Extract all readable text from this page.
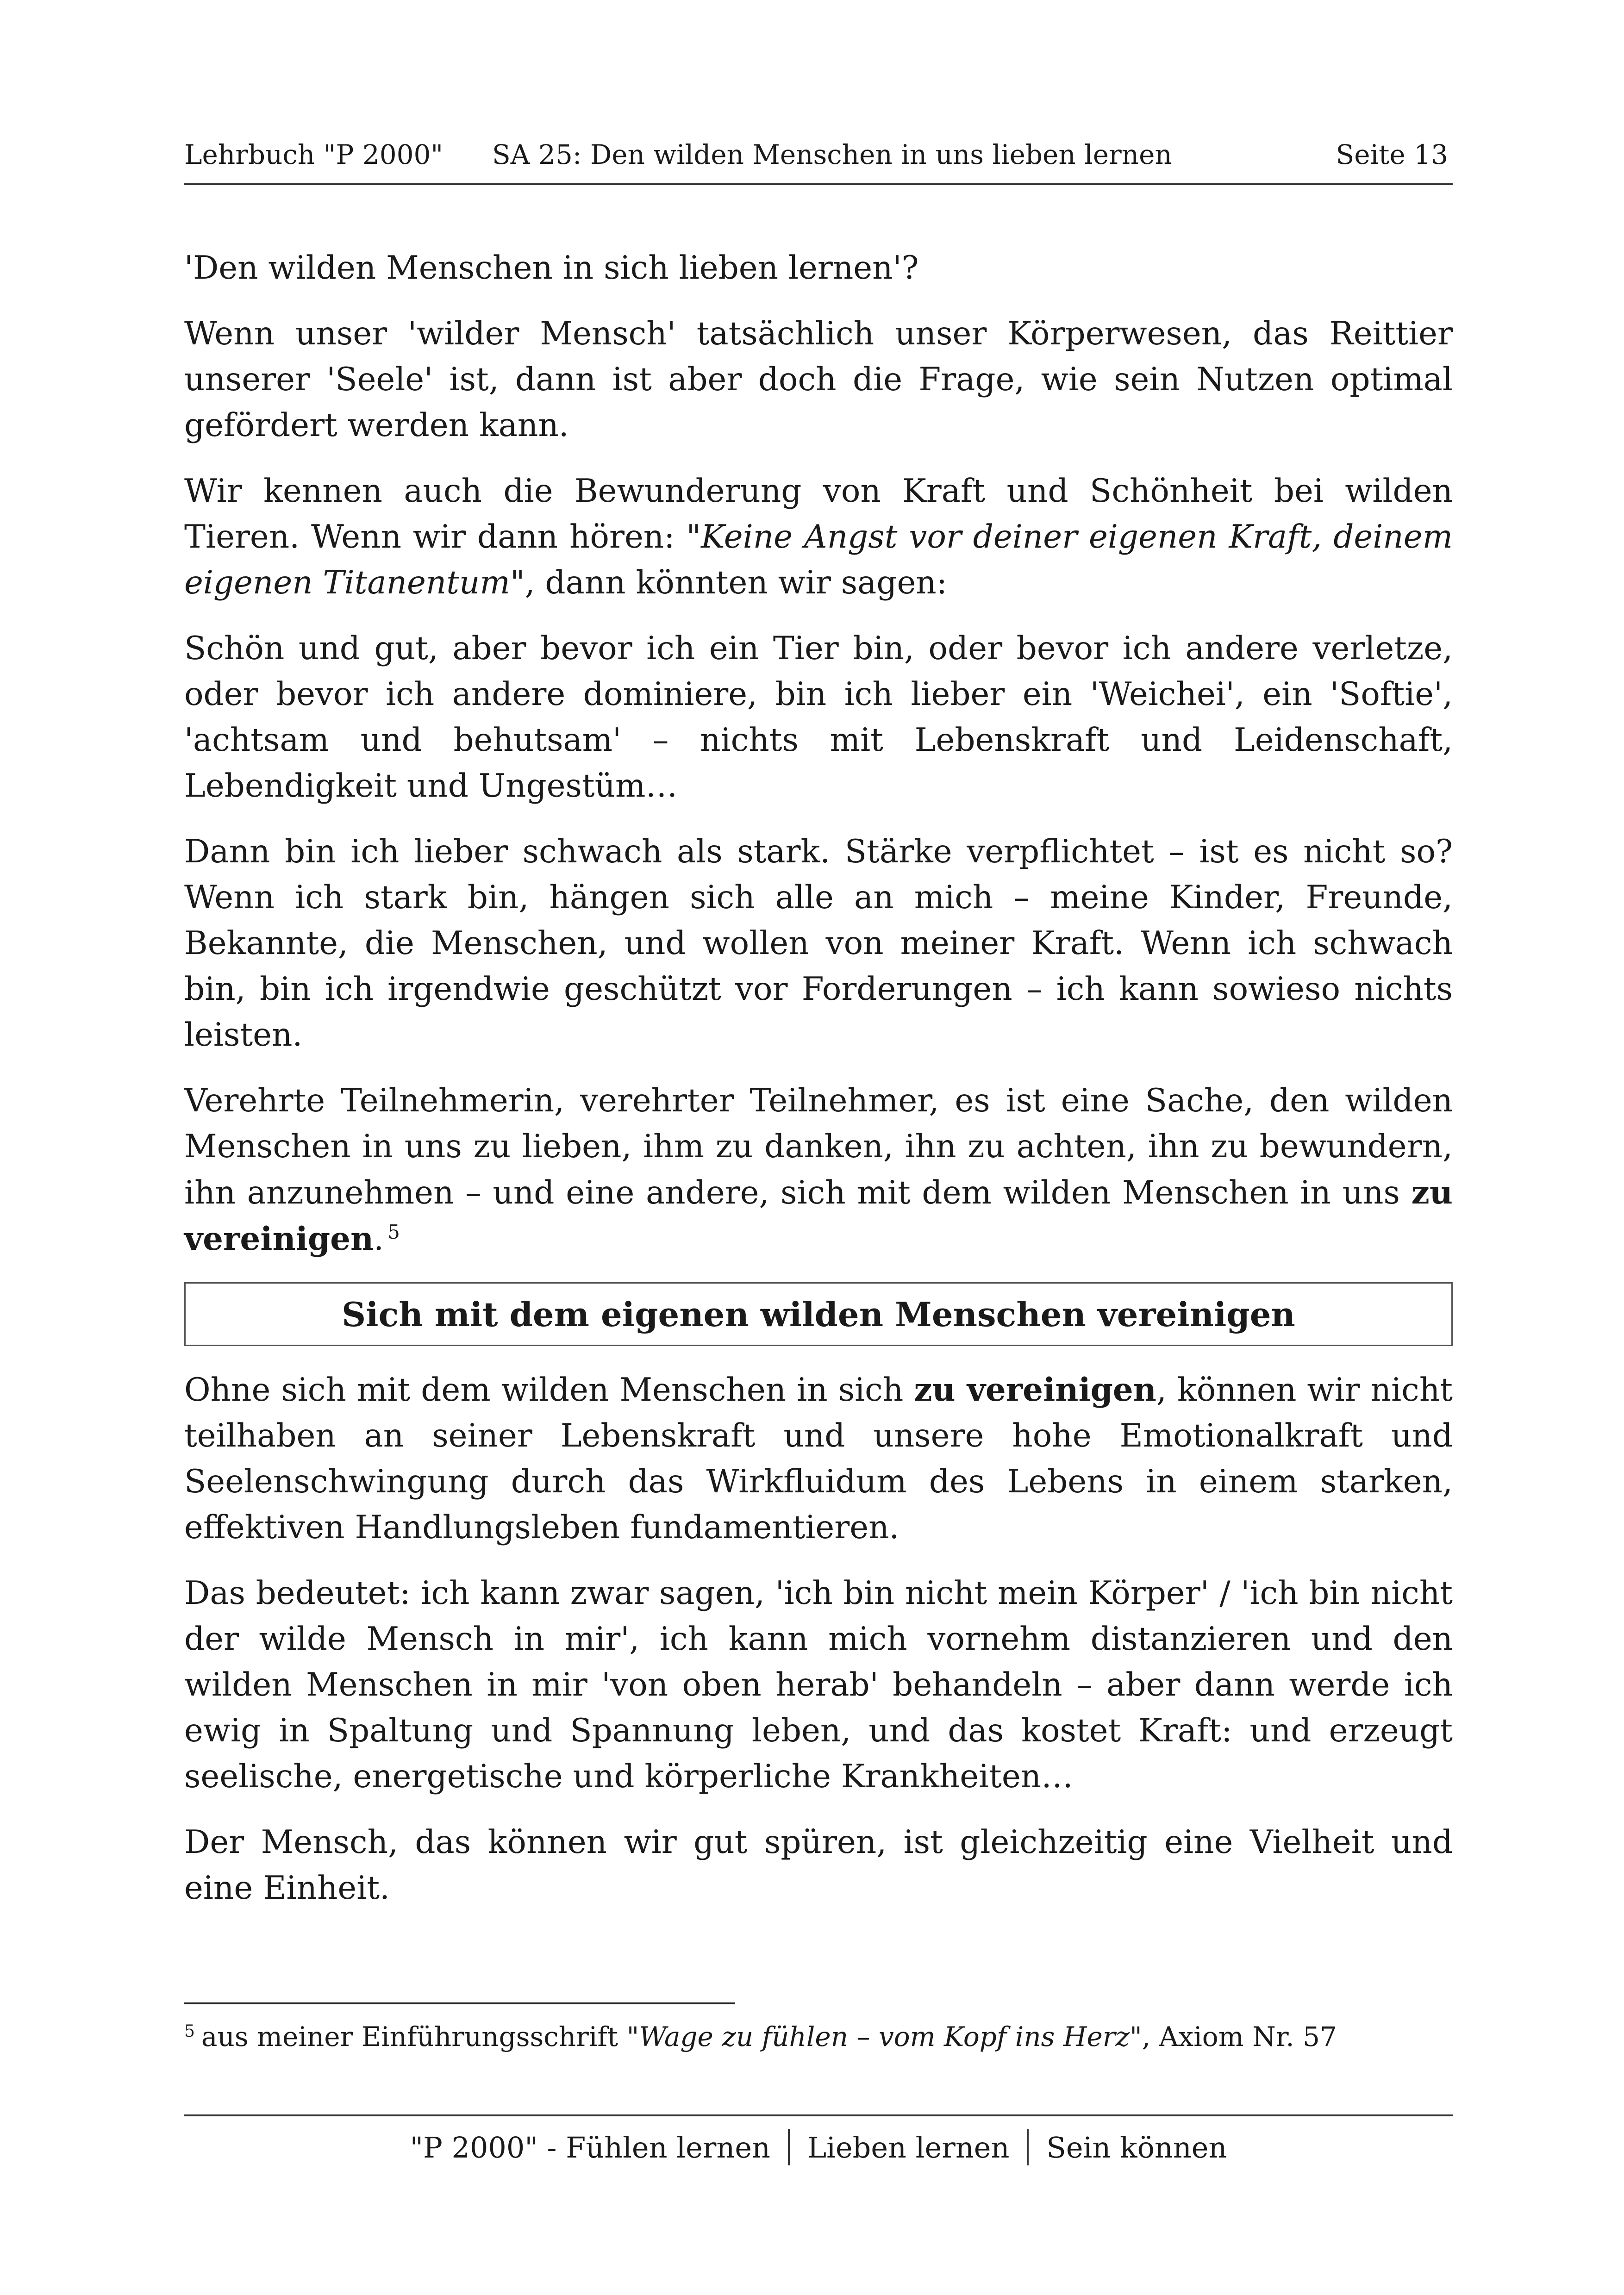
Lehrbuch "P 2000" SA 25: Den wilden Menschen in uns lieben lernen	Seite 13

'Den wilden Menschen in sich lieben lernen'?

Wenn unser 'wilder Mensch' tatsächlich unser Körperwesen, das Reittier unserer 'Seele' ist, dann ist aber doch die Frage, wie sein Nutzen optimal gefördert werden kann.

Wir kennen auch die Bewunderung von Kraft und Schönheit bei wilden Tieren. Wenn wir dann hören: "Keine Angst vor deiner eigenen Kraft, deinem eigenen Titanentum", dann könnten wir sagen:

Schön und gut, aber bevor ich ein Tier bin, oder bevor ich andere verletze, oder bevor ich andere dominiere, bin ich lieber ein 'Weichei', ein 'Softie', 'achtsam und behutsam' – nichts mit Lebenskraft und Leidenschaft, Lebendigkeit und Ungestüm…

Dann bin ich lieber schwach als stark. Stärke verpflichtet – ist es nicht so? Wenn ich stark bin, hängen sich alle an mich – meine Kinder, Freunde, Bekannte, die Menschen, und wollen von meiner Kraft. Wenn ich schwach bin, bin ich irgendwie geschützt vor Forderungen – ich kann sowieso nichts leisten.

Verehrte Teilnehmerin, verehrter Teilnehmer, es ist eine Sache, den wilden Menschen in uns zu lieben, ihm zu danken, ihn zu achten, ihn zu bewundern, ihn anzunehmen – und eine andere, sich mit dem wilden Menschen in uns zu vereinigen. $^5$

Sich mit dem eigenen wilden Menschen vereinigen

Ohne sich mit dem wilden Menschen in sich zu vereinigen, können wir nicht teilhaben an seiner Lebenskraft und unsere hohe Emotionalkraft und Seelenschwingung durch das Wirkfluidum des Lebens in einem starken, effektiven Handlungsleben fundamentieren.

Das bedeutet: ich kann zwar sagen, 'ich bin nicht mein Körper' / 'ich bin nicht der wilde Mensch in mir', ich kann mich vornehm distanzieren und den wilden Menschen in mir 'von oben herab' behandeln – aber dann werde ich ewig in Spaltung und Spannung leben, und das kostet Kraft: und erzeugt seelische, energetische und körperliche Krankheiten…

Der Mensch, das können wir gut spüren, ist gleichzeitig eine Vielheit und eine Einheit.

$^5$ aus meiner Einführungsschrift "Wage zu fühlen – vom Kopf ins Herz", Axiom Nr. 57
"P 2000" - Fühlen lernen Lieben lernen Sein können
